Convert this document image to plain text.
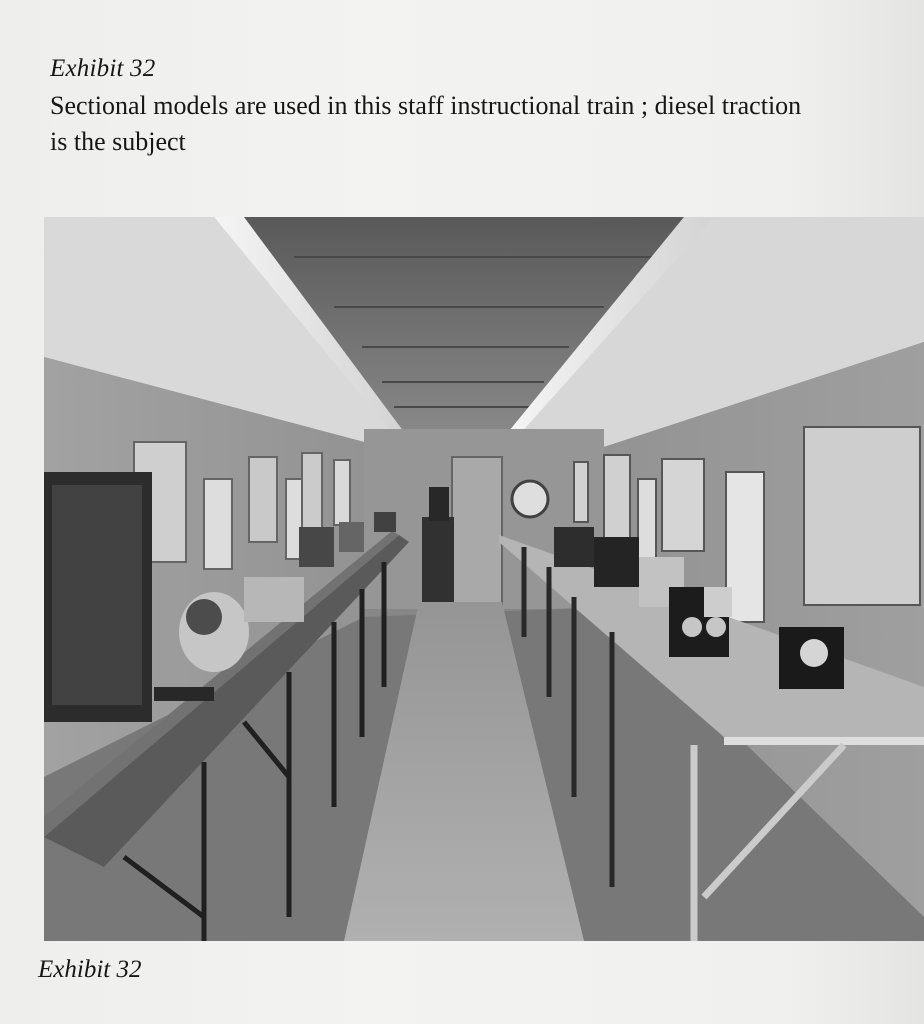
Exhibit 32
Sectional models are used in this staff instructional train ; diesel traction is the subject
Exhibit 32
